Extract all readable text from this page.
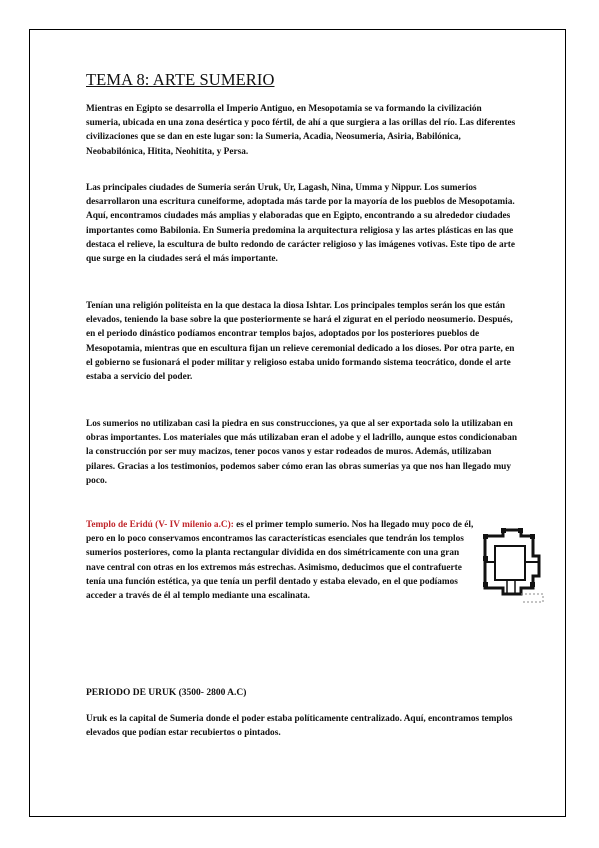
TEMA 8: ARTE SUMERIO

Mientras en Egipto se desarrolla el Imperio Antiguo, en Mesopotamia se va formando la civilización sumeria, ubicada en una zona desértica y poco fértil, de ahí a que surgiera a las orillas del río. Las diferentes civilizaciones que se dan en este lugar son: la Sumeria, Acadia, Neosumeria, Asiria, Babilónica, Neobabilónica, Hitita, Neohitita, y Persa.

Las principales ciudades de Sumeria serán Uruk, Ur, Lagash, Nina, Umma y Nippur. Los sumerios desarrollaron una escritura cuneiforme, adoptada más tarde por la mayoría de los pueblos de Mesopotamia. Aquí, encontramos ciudades más amplias y elaboradas que en Egipto, encontrando a su alrededor ciudades importantes como Babilonia. En Sumeria predomina la arquitectura religiosa y las artes plásticas en las que destaca el relieve, la escultura de bulto redondo de carácter religioso y las imágenes votivas. Este tipo de arte que surge en la ciudades será el más importante.

Tenían una religión politeísta en la que destaca la diosa Ishtar. Los principales templos serán los que están elevados, teniendo la base sobre la que posteriormente se hará el zigurat en el periodo neosumerio. Después, en el periodo dinástico podíamos encontrar templos bajos, adoptados por los posteriores pueblos de Mesopotamia, mientras que en escultura fijan un relieve ceremonial dedicado a los dioses. Por otra parte, en el gobierno se fusionará el poder militar y religioso estaba unido formando sistema teocrático, donde el arte estaba a servicio del poder.

Los sumerios no utilizaban casi la piedra en sus construcciones, ya que al ser exportada solo la utilizaban en obras importantes. Los materiales que más utilizaban eran el adobe y el ladrillo, aunque estos condicionaban la construcción por ser muy macizos, tener pocos vanos y estar rodeados de muros. Además, utilizaban pilares. Gracias a los testimonios, podemos saber cómo eran las obras sumerias ya que nos han llegado muy poco.

Templo de Eridú (V- IV milenio a.C): es el primer templo sumerio. Nos ha llegado muy poco de él, pero en lo poco conservamos encontramos las características esenciales que tendrán los templos sumerios posteriores, como la planta rectangular dividida en dos simétricamente con una gran nave central con otras en los extremos más estrechas. Asimismo, deducimos que el contrafuerte tenía una función estética, ya que tenía un perfil dentado y estaba elevado, en el que podíamos acceder a través de él al templo mediante una escalinata.

PERIODO DE URUK (3500- 2800 A.C)

Uruk es la capital de Sumeria donde el poder estaba políticamente centralizado. Aquí, encontramos templos elevados que podían estar recubiertos o pintados.
